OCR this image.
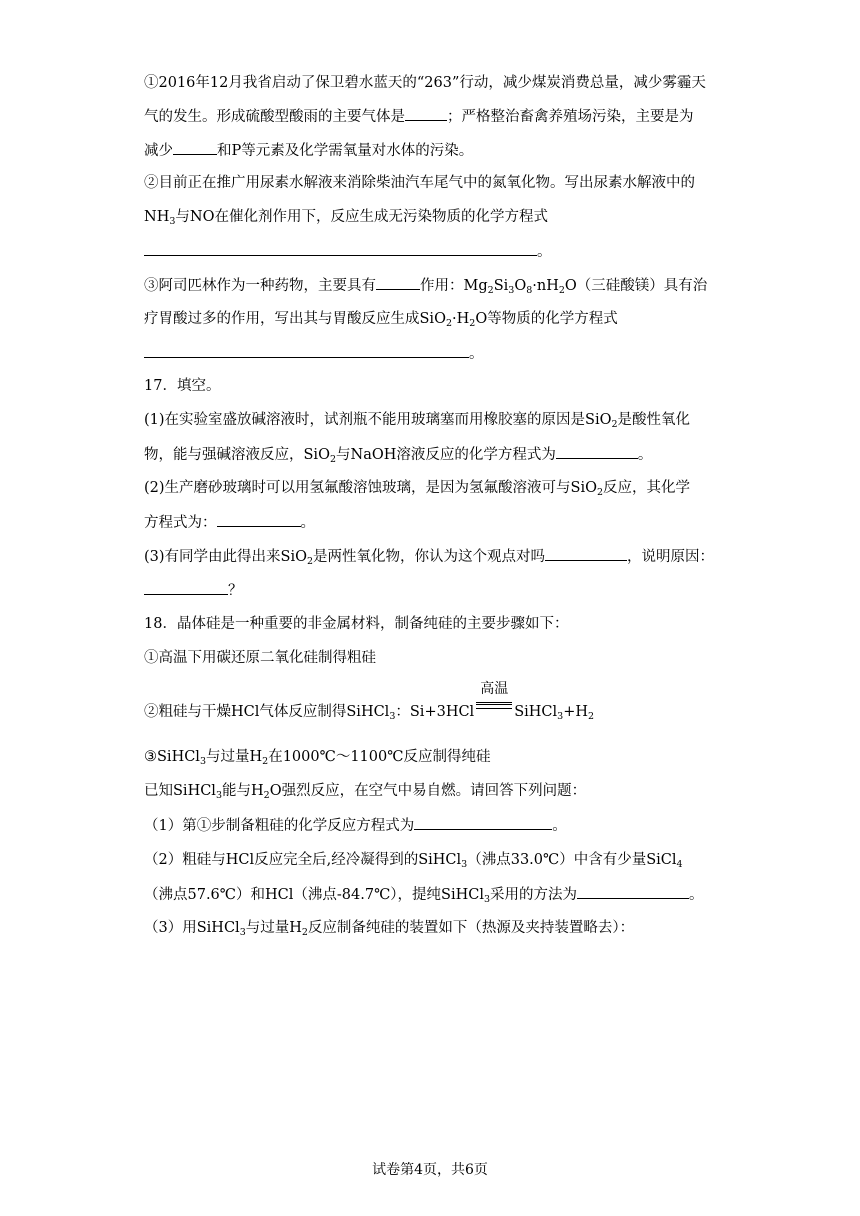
①2016年12月我省启动了保卫碧水蓝天的“263”行动，减少煤炭消费总量，减少雾霾天
气的发生。形成硫酸型酸雨的主要气体是	；严格整治畜禽养殖场污染，主要是为
减少	和P等元素及化学需氧量对水体的污染。
②目前正在推广用尿素水解液来消除柴油汽车尾气中的氮氧化物。写出尿素水解液中的
$NH_3$与NO在催化剂作用下，反应生成无污染物质的化学方程式
。
③阿司匹林作为一种药物，主要具有	作用：$Mg_2Si_3O_8\cdot nH_2O$（三硅酸镁）具有治
疗胃酸过多的作用，写出其与胃酸反应生成$SiO_2\cdot H_2O$等物质的化学方程式
。
17．填空。
(1)在实验室盛放碱溶液时，试剂瓶不能用玻璃塞而用橡胶塞的原因是SiO$_2$是酸性氧化
物，能与强碱溶液反应，SiO$_2$与NaOH溶液反应的化学方程式为	。
(2)生产磨砂玻璃时可以用氢氟酸溶蚀玻璃，是因为氢氟酸溶液可与SiO$_2$反应，其化学
方程式为：	。
(3)有同学由此得出来SiO$_2$是两性氧化物，你认为这个观点对吗	，说明原因：
？
18．晶体硅是一种重要的非金属材料，制备纯硅的主要步骤如下：
①高温下用碳还原二氧化硅制得粗硅
②粗硅与干燥HCl气体反应制得SiHCl$_3$：Si+3HCl
高温
$SiHCl_3+H_2$
③SiHCl$_3$与过量$H_2$在1000℃～1100℃反应制得纯硅
已知SiHCl$_3$能与$H_2O$强烈反应，在空气中易自燃。请回答下列问题：
（1）第①步制备粗硅的化学反应方程式为	。
（2）粗硅与HCl反应完全后,经冷凝得到的SiHCl$_3$（沸点33.0℃）中含有少量SiCl$_4$
（沸点57.6℃）和HCl（沸点-84.7℃），提纯SiHCl$_3$采用的方法为	。
（3）用SiHCl$_3$与过量$H_2$反应制备纯硅的装置如下（热源及夹持装置略去）：
试卷第4页，共6页
